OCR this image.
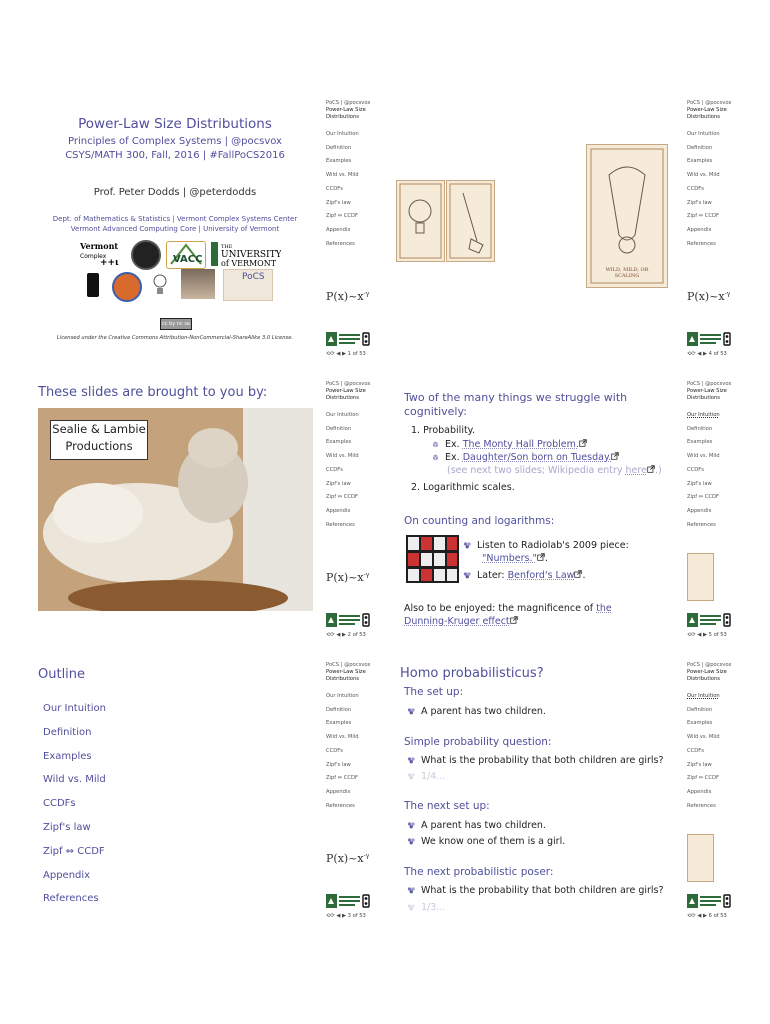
Power-Law Size Distributions
Principles of Complex Systems | @pocsvox
CSYS/MATH 300, Fall, 2016 | #FallPoCS2016
Prof. Peter Dodds | @peterdodds
Dept. of Mathematics & Statistics | Vermont Complex Systems Center
Vermont Advanced Computing Core | University of Vermont
Vermont
Complex
++ι	VACC
THE
UNIVERSITY
of VERMONT
PoCS
cc by nc sa
Licensed under the Creative Commons Attribution-NonCommercial-ShareAlike 3.0 License.
PoCS | @pocsvox
Power-Law Size Distributions
Our Intuition
Definition
Examples
Wild vs. Mild
CCDFs
Zipf's law
Zipf ⇔ CCDF
Appendix
References
$P(x)\sim x^{-\gamma}$
⟲⟳ ◀ ▶ 1 of 53
WILD, MILD, OR SCALING
PoCS | @pocsvox
Power-Law Size Distributions
Our Intuition
Definition
Examples
Wild vs. Mild
CCDFs
Zipf's law
Zipf ⇔ CCDF
Appendix
References
$P(x)\sim x^{-\gamma}$
⟲⟳ ◀ ▶ 4 of 53
These slides are brought to you by:
Sealie & Lambie
Productions
PoCS | @pocsvox
Power-Law Size Distributions
Our Intuition
Definition
Examples
Wild vs. Mild
CCDFs
Zipf's law
Zipf ⇔ CCDF
Appendix
References
$P(x)\sim x^{-\gamma}$
⟲⟳ ◀ ▶ 2 of 53
Two of the many things we struggle with cognitively:
1. Probability.
Ex. The Monty Hall Problem.
Ex. Daughter/Son born on Tuesday.
(see next two slides; Wikipedia entry here .)
2. Logarithmic scales.
On counting and logarithms:
Listen to Radiolab's 2009 piece:
"Numbers." .
Later: Benford's Law .
Also to be enjoyed: the magnificence of the
Dunning-Kruger effect
PoCS | @pocsvox
Power-Law Size Distributions
Our Intuition
Definition
Examples
Wild vs. Mild
CCDFs
Zipf's law
Zipf ⇔ CCDF
Appendix
References
⟲⟳ ◀ ▶ 5 of 53
Outline
Our Intuition
Definition
Examples
Wild vs. Mild
CCDFs
Zipf's law
Zipf ⇔ CCDF
Appendix
References
PoCS | @pocsvox
Power-Law Size Distributions
Our Intuition
Definition
Examples
Wild vs. Mild
CCDFs
Zipf's law
Zipf ⇔ CCDF
Appendix
References
$P(x)\sim x^{-\gamma}$
⟲⟳ ◀ ▶ 3 of 53
Homo probabilisticus?
The set up:
A parent has two children.
Simple probability question:
What is the probability that both children are girls?
1/4...
The next set up:
A parent has two children.
We know one of them is a girl.
The next probabilistic poser:
What is the probability that both children are girls?
1/3...
PoCS | @pocsvox
Power-Law Size Distributions
Our Intuition
Definition
Examples
Wild vs. Mild
CCDFs
Zipf's law
Zipf ⇔ CCDF
Appendix
References
⟲⟳ ◀ ▶ 6 of 53
